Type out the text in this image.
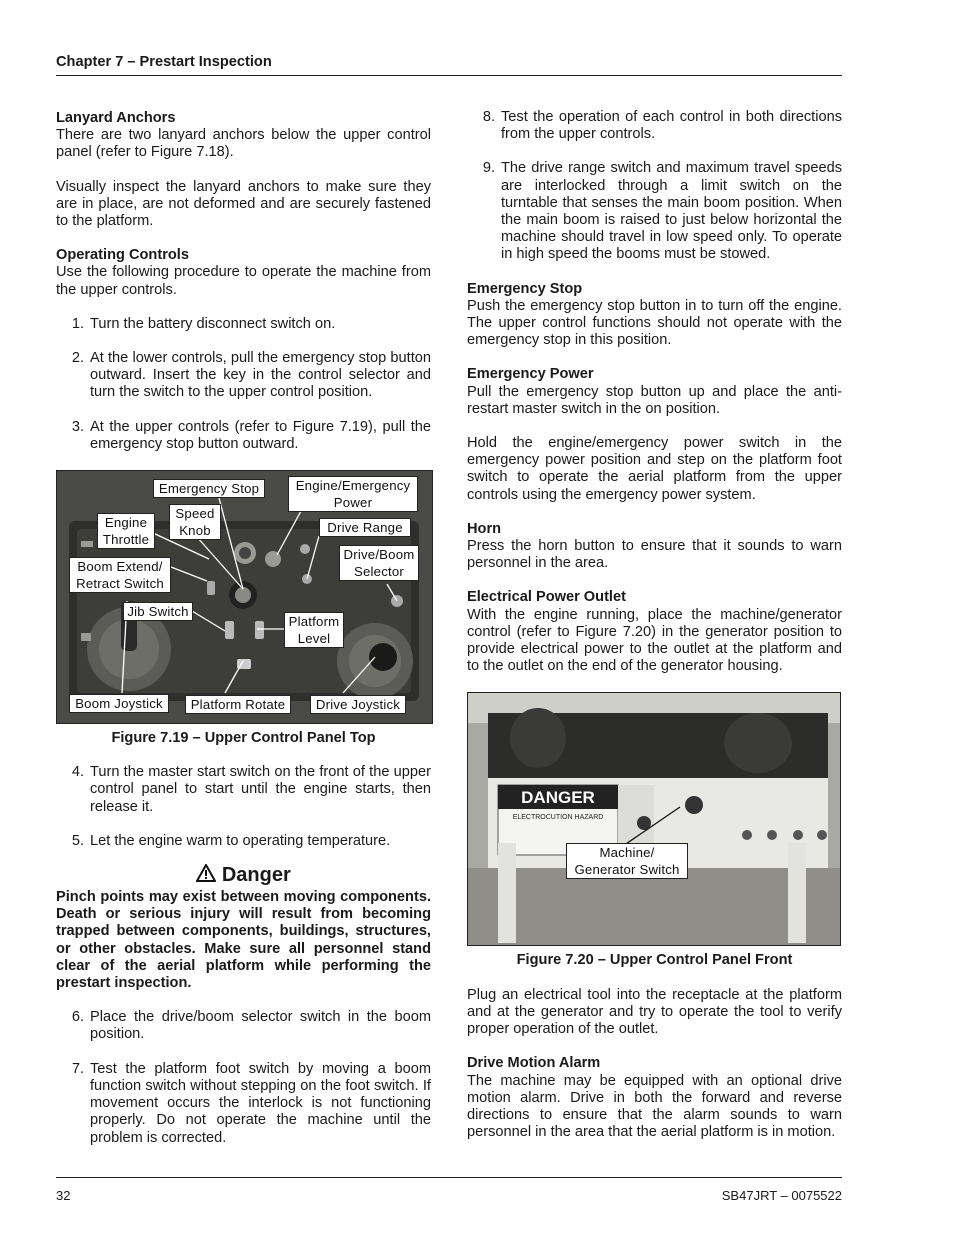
Chapter 7 – Prestart Inspection
Lanyard Anchors

There are two lanyard anchors below the upper control panel (refer to Figure 7.18).

Visually inspect the lanyard anchors to make sure they are in place, are not deformed and are securely fastened to the platform.

Operating Controls

Use the following procedure to operate the machine from the upper controls.

1. Turn the battery disconnect switch on.
2. At the lower controls, pull the emergency stop button outward. Insert the key in the control selector and turn the switch to the upper control position.
3. At the upper controls (refer to Figure 7.19), pull the emergency stop button outward.
Emergency Stop	Engine/Emergency Power
Speed Knob
Engine Throttle
Drive Range
Drive/Boom Selector
Boom Extend/ Retract Switch
Jib Switch
Platform Level
Boom Joystick	Platform Rotate	Drive Joystick
Figure 7.19 – Upper Control Panel Top
4. Turn the master start switch on the front of the upper control panel to start until the engine starts, then release it.
5. Let the engine warm to operating temperature.
Danger

Pinch points may exist between moving components. Death or serious injury will result from becoming trapped between components, buildings, structures, or other obstacles. Make sure all personnel stand clear of the aerial platform while performing the prestart inspection.

6. Place the drive/boom selector switch in the boom position.
7. Test the platform foot switch by moving a boom function switch without stepping on the foot switch. If movement occurs the interlock is not functioning properly. Do not operate the machine until the problem is corrected.
8. Test the operation of each control in both directions from the upper controls.
9. The drive range switch and maximum travel speeds are interlocked through a limit switch on the turntable that senses the main boom position. When the main boom is raised to just below horizontal the machine should travel in low speed only. To operate in high speed the booms must be stowed.
Emergency Stop

Push the emergency stop button in to turn off the engine. The upper control functions should not operate with the emergency stop in this position.

Emergency Power

Pull the emergency stop button up and place the anti-restart master switch in the on position.

Hold the engine/emergency power switch in the emergency power position and step on the platform foot switch to operate the aerial platform from the upper controls using the emergency power system.

Horn

Press the horn button to ensure that it sounds to warn personnel in the area.

Electrical Power Outlet

With the engine running, place the machine/generator control (refer to Figure 7.20) in the generator position to provide electrical power to the outlet at the platform and to the outlet on the end of the generator housing.

DANGER
ELECTROCUTION HAZARD
Machine/ Generator Switch
Figure 7.20 – Upper Control Panel Front

Plug an electrical tool into the receptacle at the platform and at the generator and try to operate the tool to verify proper operation of the outlet.

Drive Motion Alarm

The machine may be equipped with an optional drive motion alarm. Drive in both the forward and reverse directions to ensure that the alarm sounds to warn personnel in the area that the aerial platform is in motion.

32	SB47JRT – 0075522
